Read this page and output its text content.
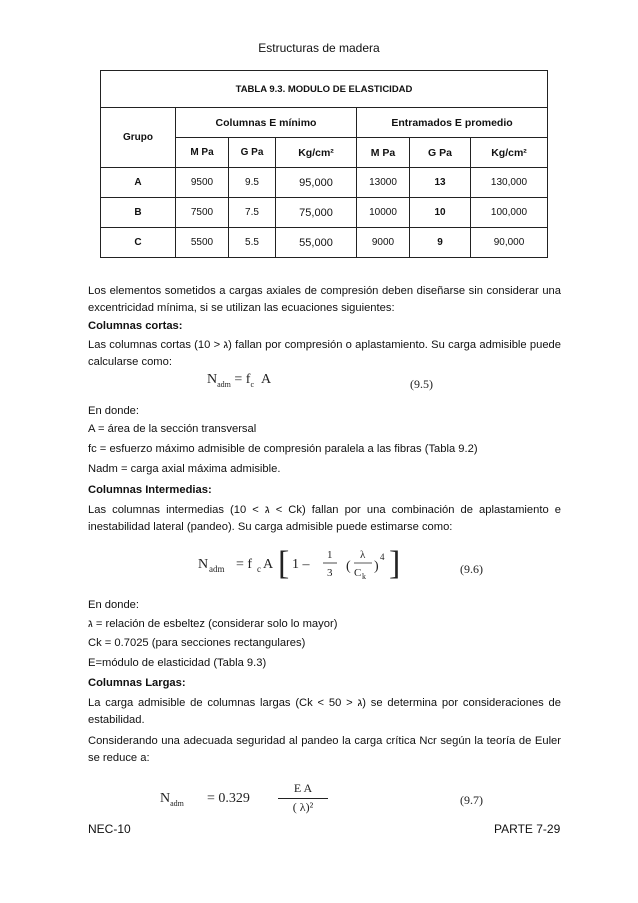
Estructuras de madera
TABLA 9.3. MODULO DE ELASTICIDAD						
Grupo	Columnas E mínimo			Entramados E promedio		
	M Pa	G Pa	Kg/cm²	M Pa	G Pa	Kg/cm²
A	9500	9.5	95,000	13000	13	130,000
B	7500	7.5	75,000	10000	10	100,000
C	5500	5.5	55,000	9000	9	90,000

Los elementos sometidos a cargas axiales de compresión deben diseñarse sin considerar una excentricidad mínima, si se utilizan las ecuaciones siguientes:

Columnas cortas:

Las columnas cortas (ג < 10) fallan por compresión o aplastamiento. Su carga admisible puede calcularse como:

$N_{adm} = f_c$ A	(9.5)

En donde:

A = área de la sección transversal

fc = esfuerzo máximo admisible de compresión paralela a las fibras (Tabla 9.2)

Nadm = carga axial máxima admisible.

Columnas Intermedias:

Las columnas intermedias (10 < ג < Ck) fallan por una combinación de aplastamiento e inestabilidad lateral (pandeo). Su carga admisible puede estimarse como:

N adm = f c A [ 1 –
1
3 (
λ
C k
)
4 ]	(9.6)

En donde:

ג = relación de esbeltez (considerar solo lo mayor)

Ck = 0.7025 (para secciones rectangulares)

E=módulo de elasticidad (Tabla 9.3)

Columnas Largas:

La carga admisible de columnas largas (Ck < ג < 50) se determina por consideraciones de estabilidad.

Considerando una adecuada seguridad al pandeo la carga crítica Ncr según la teoría de Euler se reduce a:

$N_{adm} = 0.329$
E A
( λ)²	(9.7)
NEC-10	PARTE 7-29
